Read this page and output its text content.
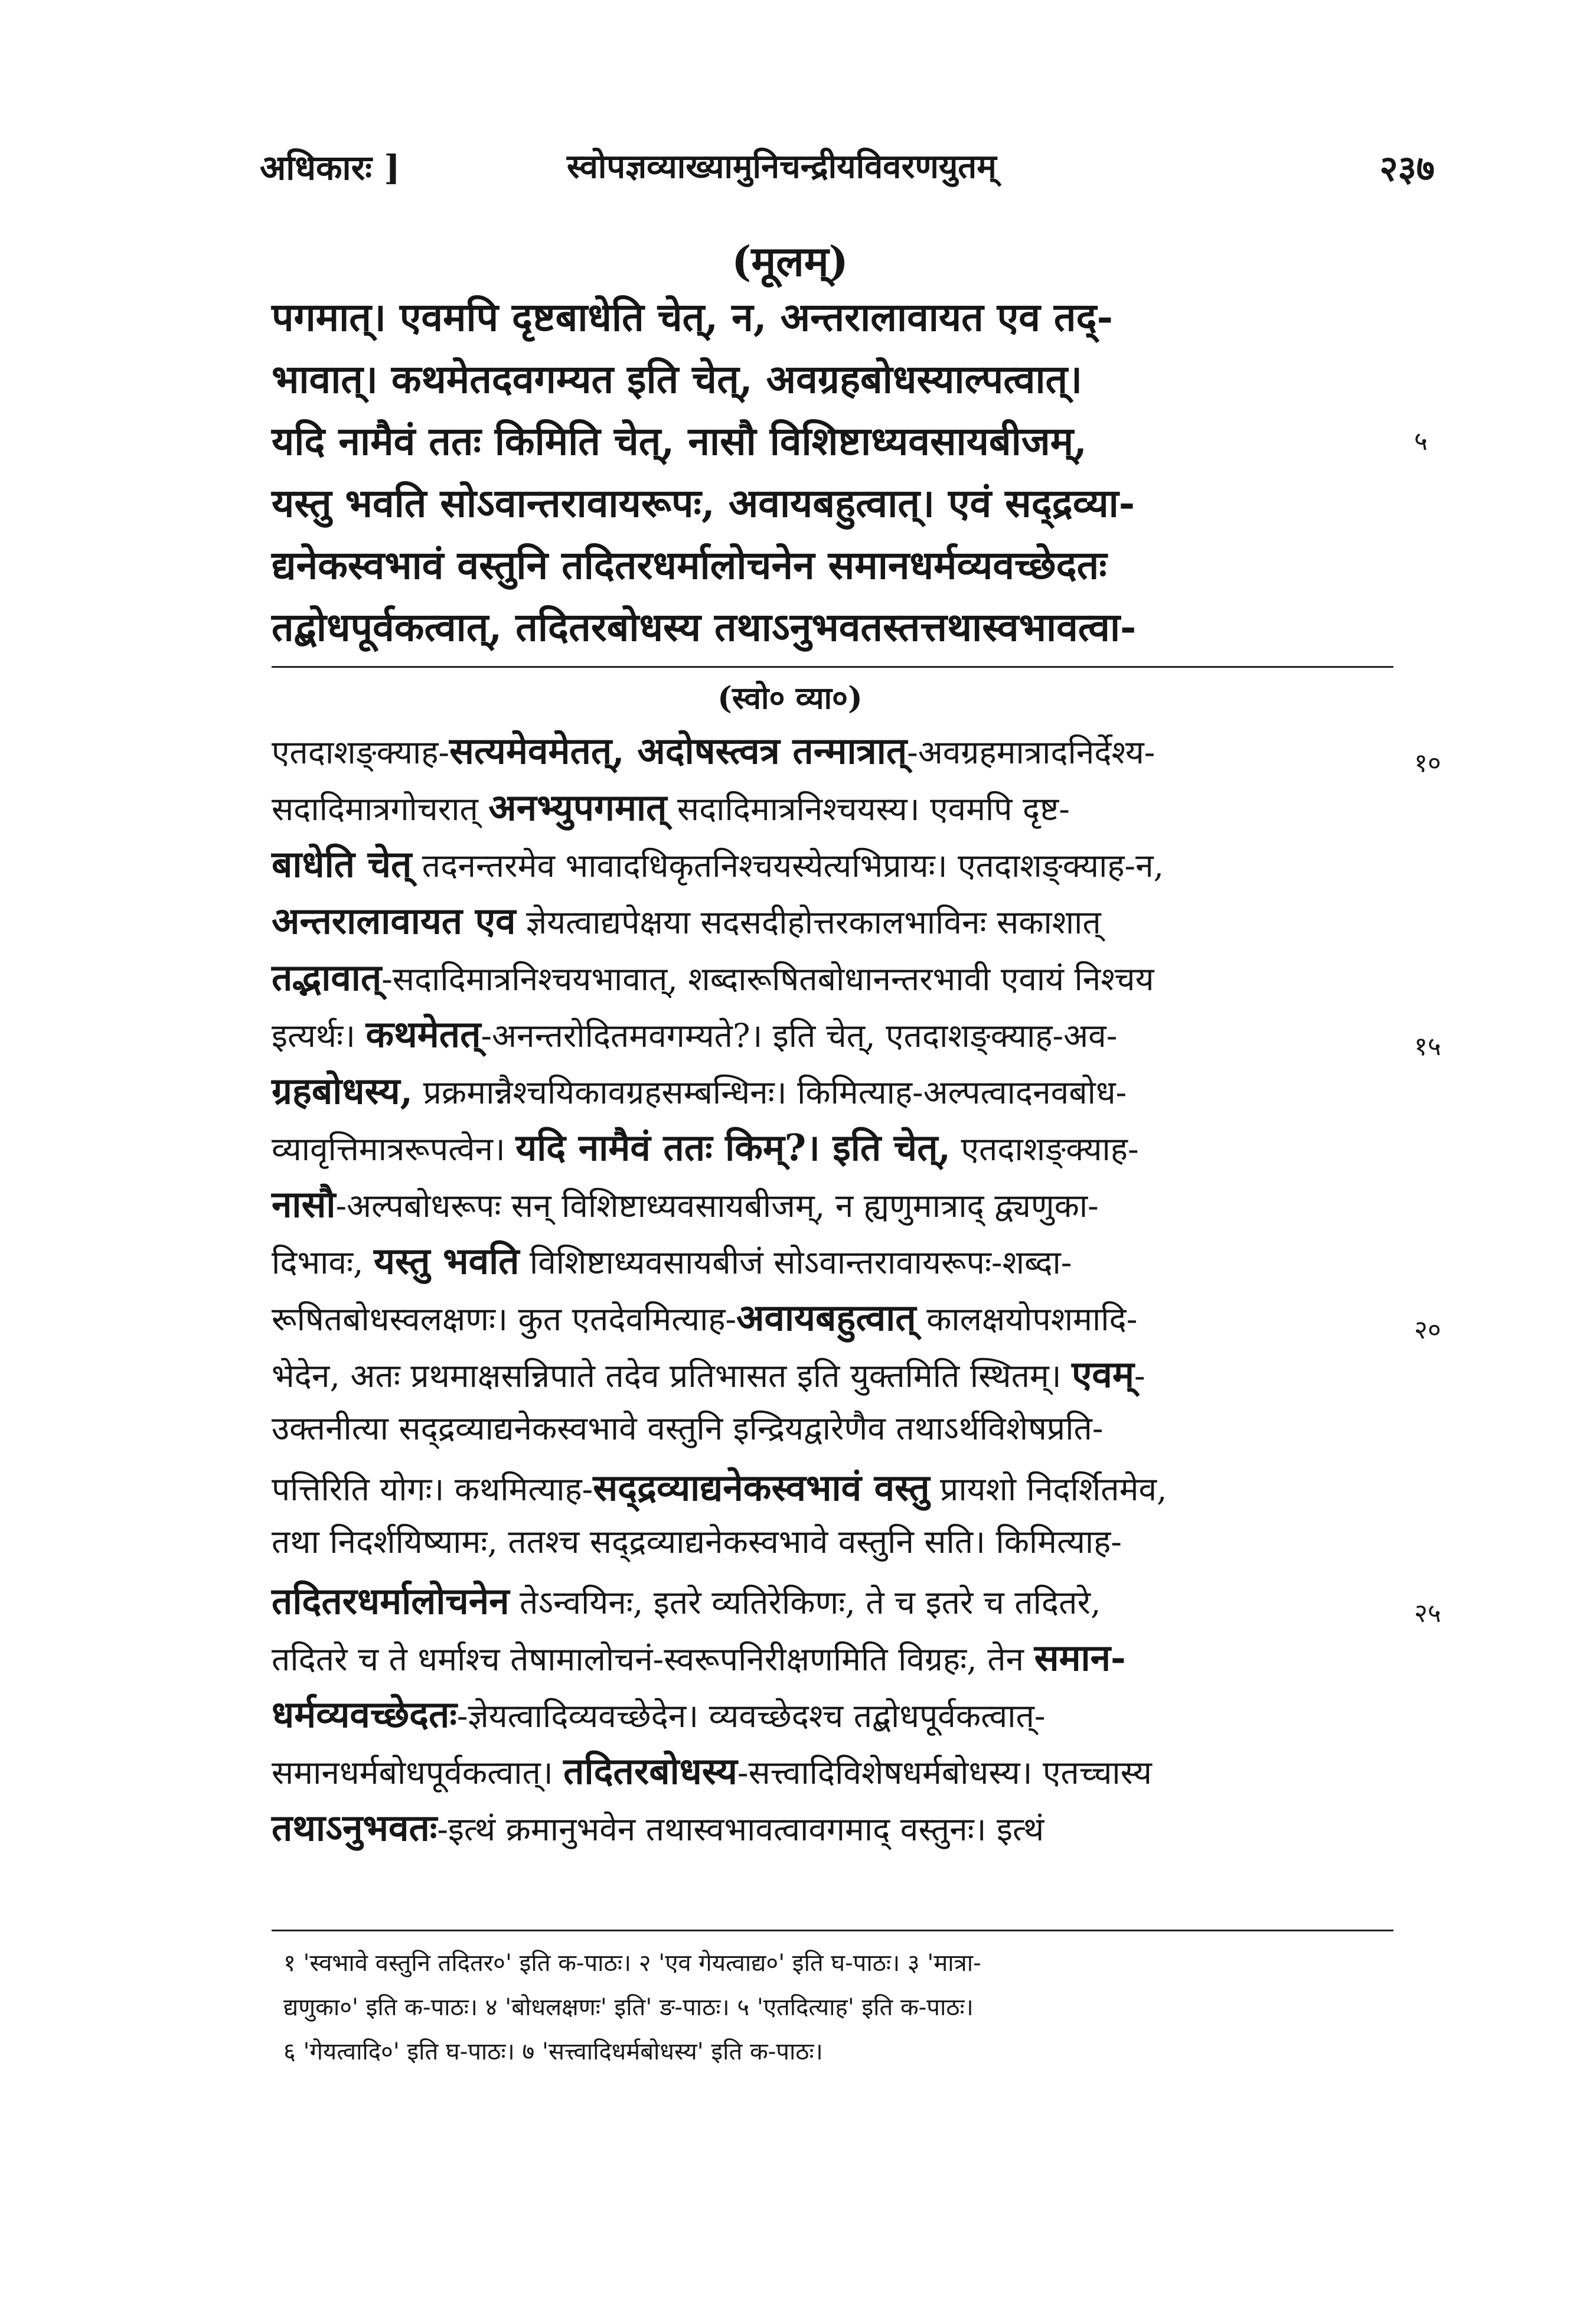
अधिकारः ]	स्वोपज्ञव्याख्यामुनिचन्द्रीयविवरणयुतम्	२३७
(मूलम्)
पगमात्। एवमपि दृष्टबाधेति चेत्, न, अन्तरालावायत एव तद्-
भावात्। कथमेतदवगम्यत इति चेत्, अवग्रहबोधस्याल्पत्वात्।
यदि नामैवं ततः किमिति चेत्, नासौ विशिष्टाध्यवसायबीजम्,
यस्तु भवति सोऽवान्तरावायरूपः, अवायबहुत्वात्। एवं सद्द्रव्या-
द्यनेकस्वभावं वस्तुनि तदितरधर्मालोचनेन समानधर्मव्यवच्छेदतः
तद्बोधपूर्वकत्वात्, तदितरबोधस्य तथाऽनुभवतस्तत्तथास्वभावत्वा-
५
(स्वो० व्या०)
एतदाशङ्क्याह-सत्यमेवमेतत्, अदोषस्त्वत्र तन्मात्रात्-अवग्रहमात्रादनिर्देश्य-
सदादिमात्रगोचरात् अनभ्युपगमात् सदादिमात्रनिश्चयस्य। एवमपि दृष्ट-
बाधेति चेत् तदनन्तरमेव भावादधिकृतनिश्चयस्येत्यभिप्रायः। एतदाशङ्क्याह-न,
अन्तरालावायत एव ज्ञेयत्वाद्यपेक्षया सदसदीहोत्तरकालभाविनः सकाशात्
तद्भावात्-सदादिमात्रनिश्चयभावात्, शब्दारूषितबोधानन्तरभावी एवायं निश्चय
इत्यर्थः। कथमेतत्-अनन्तरोदितमवगम्यते?। इति चेत्, एतदाशङ्क्याह-अव-
ग्रहबोधस्य, प्रक्रमान्नैश्चयिकावग्रहसम्बन्धिनः। किमित्याह-अल्पत्वादनवबोध-
व्यावृत्तिमात्ररूपत्वेन। यदि नामैवं ततः किम्?। इति चेत्, एतदाशङ्क्याह-
नासौ-अल्पबोधरूपः सन् विशिष्टाध्यवसायबीजम्, न ह्यणुमात्राद् द्व्यणुका-
दिभावः, यस्तु भवति विशिष्टाध्यवसायबीजं सोऽवान्तरावायरूपः-शब्दा-
रूषितबोधस्वलक्षणः। कुत एतदेवमित्याह-अवायबहुत्वात् कालक्षयोपशमादि-
भेदेन, अतः प्रथमाक्षसन्निपाते तदेव प्रतिभासत इति युक्तमिति स्थितम्। एवम्-
उक्तनीत्या सद्द्रव्याद्यनेकस्वभावे वस्तुनि इन्द्रियद्वारेणैव तथाऽर्थविशेषप्रति-
पत्तिरिति योगः। कथमित्याह-सद्द्रव्याद्यनेकस्वभावं वस्तु प्रायशो निदर्शितमेव,
तथा निदर्शयिष्यामः, ततश्च सद्द्रव्याद्यनेकस्वभावे वस्तुनि सति। किमित्याह-
तदितरधर्मालोचनेन तेऽन्वयिनः, इतरे व्यतिरेकिणः, ते च इतरे च तदितरे,
तदितरे च ते धर्माश्च तेषामालोचनं-स्वरूपनिरीक्षणमिति विग्रहः, तेन समान-
धर्मव्यवच्छेदतः-ज्ञेयत्वादिव्यवच्छेदेन। व्यवच्छेदश्च तद्बोधपूर्वकत्वात्-
समानधर्मबोधपूर्वकत्वात्। तदितरबोधस्य-सत्त्वादिविशेषधर्मबोधस्य। एतच्चास्य
तथाऽनुभवतः-इत्थं क्रमानुभवेन तथास्वभावत्वावगमाद् वस्तुनः। इत्थं
१०
१५
२०
२५
१ 'स्वभावे वस्तुनि तदितर०' इति क-पाठः। २ 'एव गेयत्वाद्य०' इति घ-पाठः। ३ 'मात्रा-
द्यणुका०' इति क-पाठः। ४ 'बोधलक्षणः' इति' ङ-पाठः। ५ 'एतदित्याह' इति क-पाठः।
६ 'गेयत्वादि०' इति घ-पाठः। ७ 'सत्त्वादिधर्मबोधस्य' इति क-पाठः।
